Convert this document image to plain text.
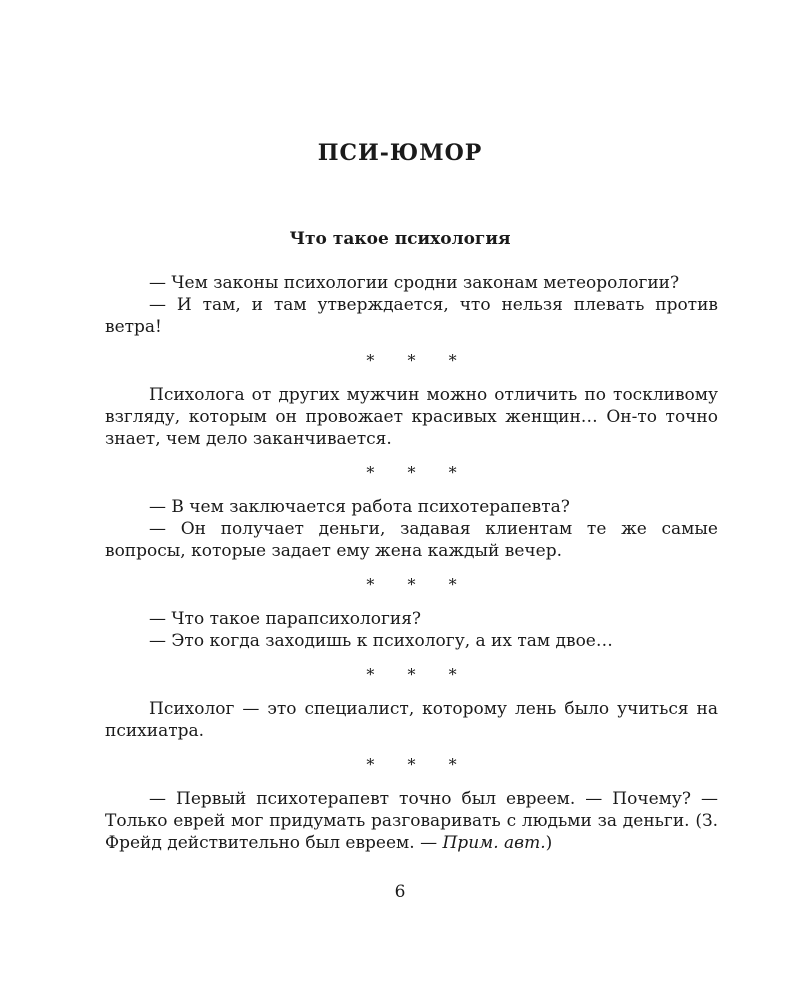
ПСИ-ЮМОР
Что такое психология

— Чем законы психологии сродни законам метеорологии?

— И там, и там утверждается, что нельзя плевать против ветра!

* * *

Психолога от других мужчин можно отличить по тоскливому взгляду, которым он провожает красивых женщин… Он-то точно знает, чем дело заканчивается.

* * *

— В чем заключается работа психотерапевта?

— Он получает деньги, задавая клиентам те же самые вопросы, которые задает ему жена каждый вечер.

* * *

— Что такое парапсихология?

— Это когда заходишь к психологу, а их там двое…

* * *

Психолог — это специалист, которому лень было учиться на психиатра.

* * *

— Первый психотерапевт точно был евреем. — Почему? — Только еврей мог придумать разговаривать с людьми за деньги. (З. Фрейд действительно был евреем. — Прим. авт.)

6
